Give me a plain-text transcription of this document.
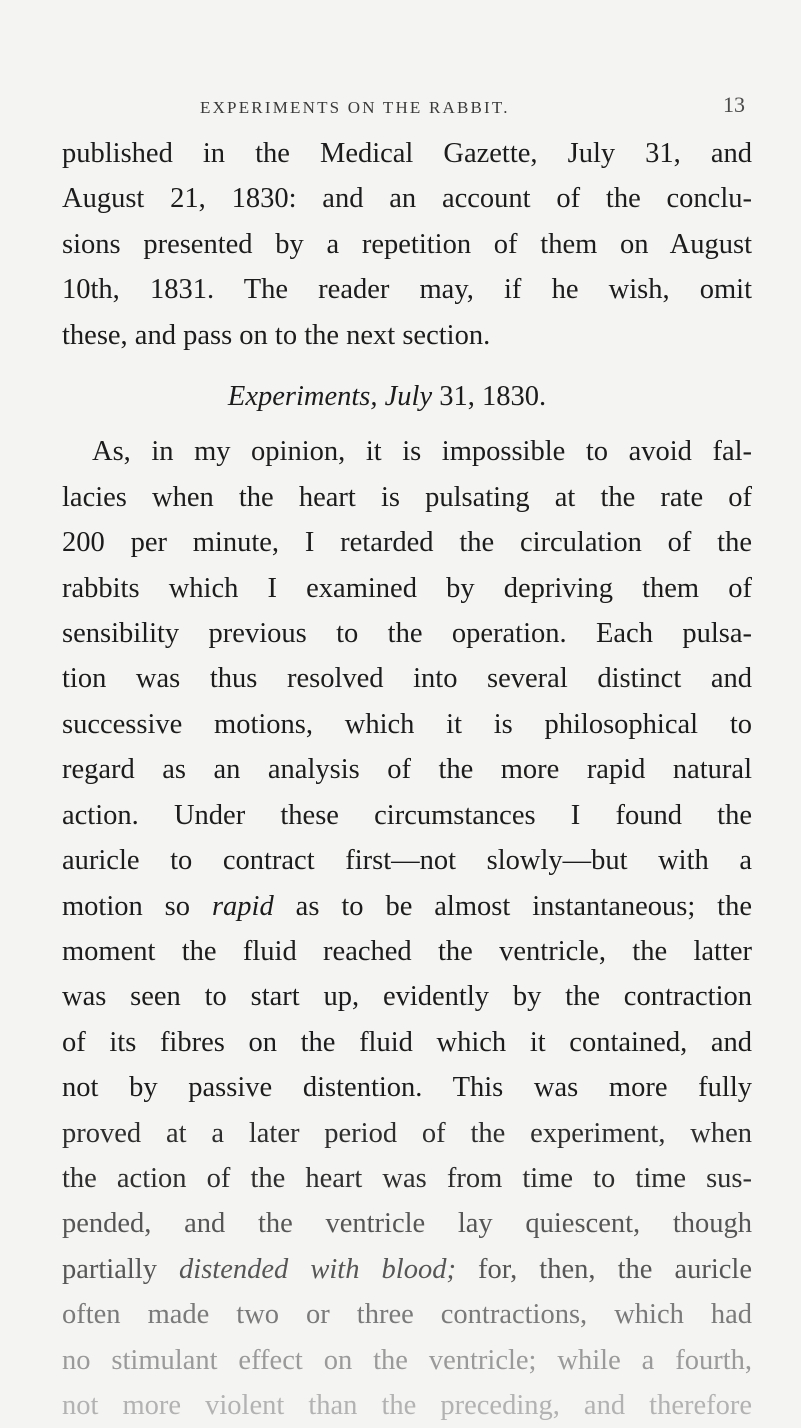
EXPERIMENTS ON THE RABBIT.	13
published in the Medical Gazette, July 31, and
August 21, 1830: and an account of the conclu-
sions presented by a repetition of them on August
10th, 1831. The reader may, if he wish, omit
these, and pass on to the next section.
Experiments, July 31, 1830.
As, in my opinion, it is impossible to avoid fal-
lacies when the heart is pulsating at the rate of
200 per minute, I retarded the circulation of the
rabbits which I examined by depriving them of
sensibility previous to the operation. Each pulsa-
tion was thus resolved into several distinct and
successive motions, which it is philosophical to
regard as an analysis of the more rapid natural
action. Under these circumstances I found the
auricle to contract first—not slowly—but with a
motion so rapid as to be almost instantaneous; the
moment the fluid reached the ventricle, the latter
was seen to start up, evidently by the contraction
of its fibres on the fluid which it contained, and
not by passive distention. This was more fully
proved at a later period of the experiment, when
the action of the heart was from time to time sus-
pended, and the ventricle lay quiescent, though
partially distended with blood; for, then, the auricle
often made two or three contractions, which had
no stimulant effect on the ventricle; while a fourth,
not more violent than the preceding, and therefore
